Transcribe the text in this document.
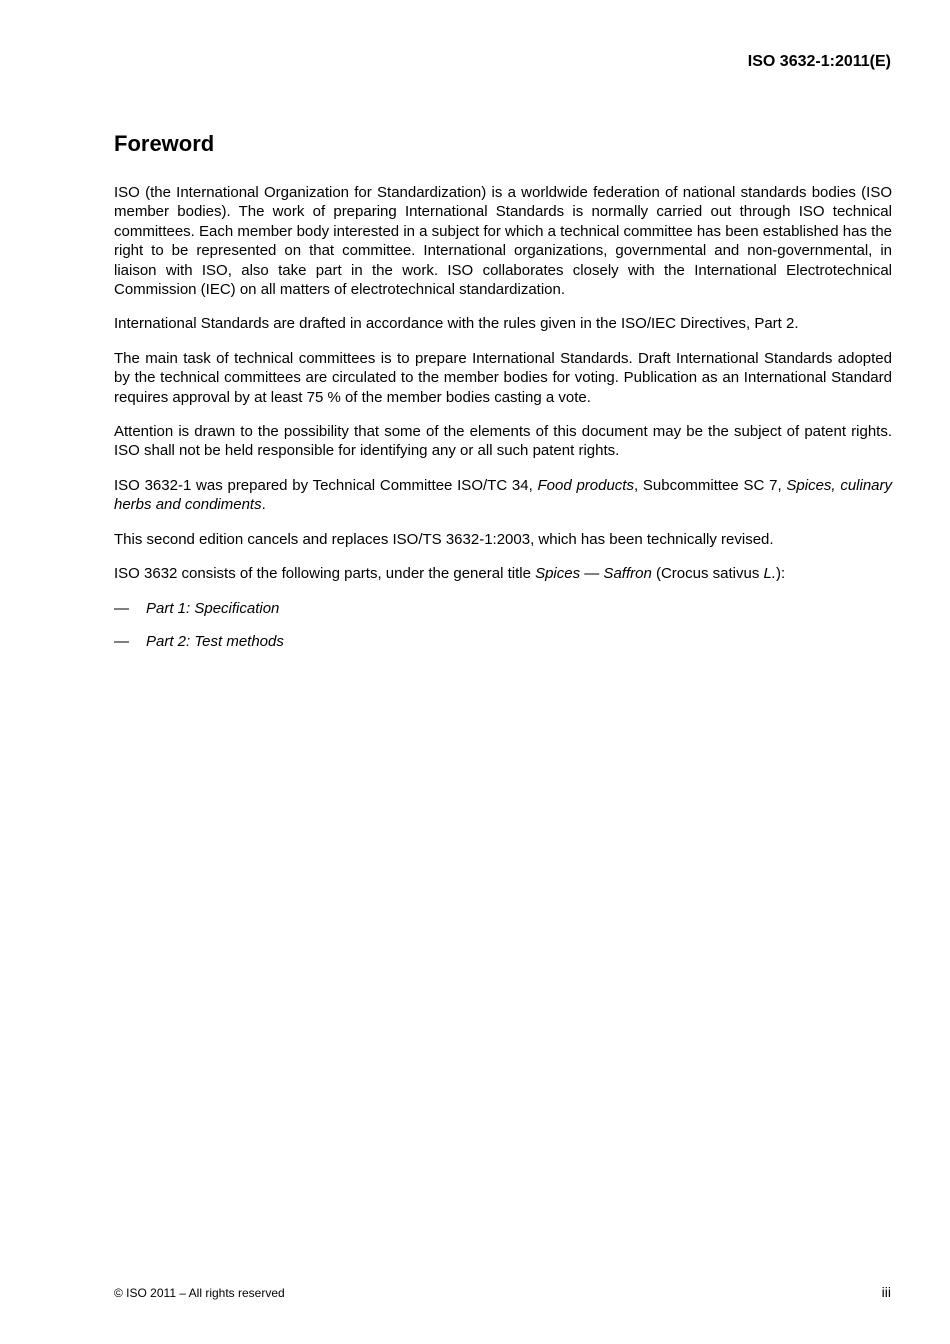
ISO 3632-1:2011(E)
Foreword

ISO (the International Organization for Standardization) is a worldwide federation of national standards bodies (ISO member bodies). The work of preparing International Standards is normally carried out through ISO technical committees. Each member body interested in a subject for which a technical committee has been established has the right to be represented on that committee. International organizations, governmental and non-governmental, in liaison with ISO, also take part in the work. ISO collaborates closely with the International Electrotechnical Commission (IEC) on all matters of electrotechnical standardization.

International Standards are drafted in accordance with the rules given in the ISO/IEC Directives, Part 2.

The main task of technical committees is to prepare International Standards. Draft International Standards adopted by the technical committees are circulated to the member bodies for voting. Publication as an International Standard requires approval by at least 75 % of the member bodies casting a vote.

Attention is drawn to the possibility that some of the elements of this document may be the subject of patent rights. ISO shall not be held responsible for identifying any or all such patent rights.

ISO 3632-1 was prepared by Technical Committee ISO/TC 34, Food products, Subcommittee SC 7, Spices, culinary herbs and condiments.

This second edition cancels and replaces ISO/TS 3632-1:2003, which has been technically revised.

ISO 3632 consists of the following parts, under the general title Spices — Saffron (Crocus sativus L.):

—	Part 1: Specification
—	Part 2: Test methods
© ISO 2011 – All rights reserved	iii
